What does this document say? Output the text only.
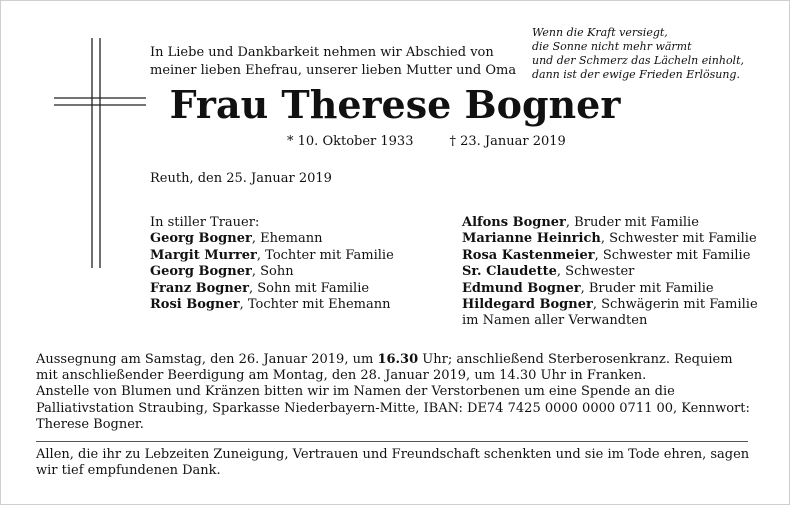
In Liebe und Dankbarkeit nehmen wir Abschied von
meiner lieben Ehefrau, unserer lieben Mutter und Oma
Wenn die Kraft versiegt,
die Sonne nicht mehr wärmt
und der Schmerz das Lächeln einholt,
dann ist der ewige Frieden Erlösung.
Frau Therese Bogner
* 10. Oktober 1933	† 23. Januar 2019
Reuth, den 25. Januar 2019
In stiller Trauer:
Georg Bogner, Ehemann
Margit Murrer, Tochter mit Familie
Georg Bogner, Sohn
Franz Bogner, Sohn mit Familie
Rosi Bogner, Tochter mit Ehemann
Alfons Bogner, Bruder mit Familie
Marianne Heinrich, Schwester mit Familie
Rosa Kastenmeier, Schwester mit Familie
Sr. Claudette, Schwester
Edmund Bogner, Bruder mit Familie
Hildegard Bogner, Schwägerin mit Familie
im Namen aller Verwandten
Aussegnung am Samstag, den 26. Januar 2019, um 16.30 Uhr; anschließend Sterberosenkranz. Requiem mit anschließender Beerdigung am Montag, den 28. Januar 2019, um 14.30 Uhr in Franken.
Anstelle von Blumen und Kränzen bitten wir im Namen der Verstorbenen um eine Spende an die Palliativstation Straubing, Sparkasse Niederbayern-Mitte, IBAN: DE74 7425 0000 0000 0711 00, Kennwort: Therese Bogner.
Allen, die ihr zu Lebzeiten Zuneigung, Vertrauen und Freundschaft schenkten und sie im Tode ehren, sagen wir tief empfundenen Dank.
